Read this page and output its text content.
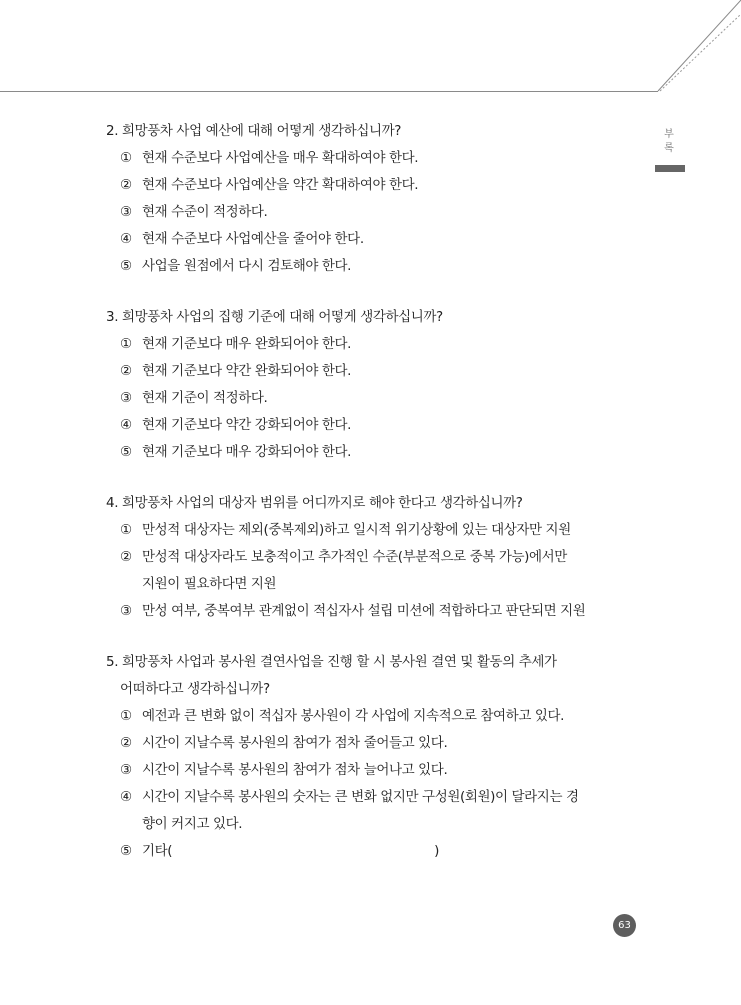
부
록
2. 희망풍차 사업 예산에 대해 어떻게 생각하십니까?
① 현재 수준보다 사업예산을 매우 확대하여야 한다.
② 현재 수준보다 사업예산을 약간 확대하여야 한다.
③ 현재 수준이 적정하다.
④ 현재 수준보다 사업예산을 줄어야 한다.
⑤ 사업을 원점에서 다시 검토해야 한다.
3. 희망풍차 사업의 집행 기준에 대해 어떻게 생각하십니까?
① 현재 기준보다 매우 완화되어야 한다.
② 현재 기준보다 약간 완화되어야 한다.
③ 현재 기준이 적정하다.
④ 현재 기준보다 약간 강화되어야 한다.
⑤ 현재 기준보다 매우 강화되어야 한다.
4. 희망풍차 사업의 대상자 범위를 어디까지로 해야 한다고 생각하십니까?
① 만성적 대상자는 제외(중복제외)하고 일시적 위기상황에 있는 대상자만 지원
② 만성적 대상자라도 보충적이고 추가적인 수준(부분적으로 중복 가능)에서만
지원이 필요하다면 지원
③ 만성 여부, 중복여부 관계없이 적십자사 설립 미션에 적합하다고 판단되면 지원
5. 희망풍차 사업과 봉사원 결연사업을 진행 할 시 봉사원 결연 및 활동의 추세가
어떠하다고 생각하십니까?
① 예전과 큰 변화 없이 적십자 봉사원이 각 사업에 지속적으로 참여하고 있다.
② 시간이 지날수록 봉사원의 참여가 점차 줄어들고 있다.
③ 시간이 지날수록 봉사원의 참여가 점차 늘어나고 있다.
④ 시간이 지날수록 봉사원의 숫자는 큰 변화 없지만 구성원(회원)이 달라지는 경
향이 커지고 있다.
⑤ 기타(	)
63
